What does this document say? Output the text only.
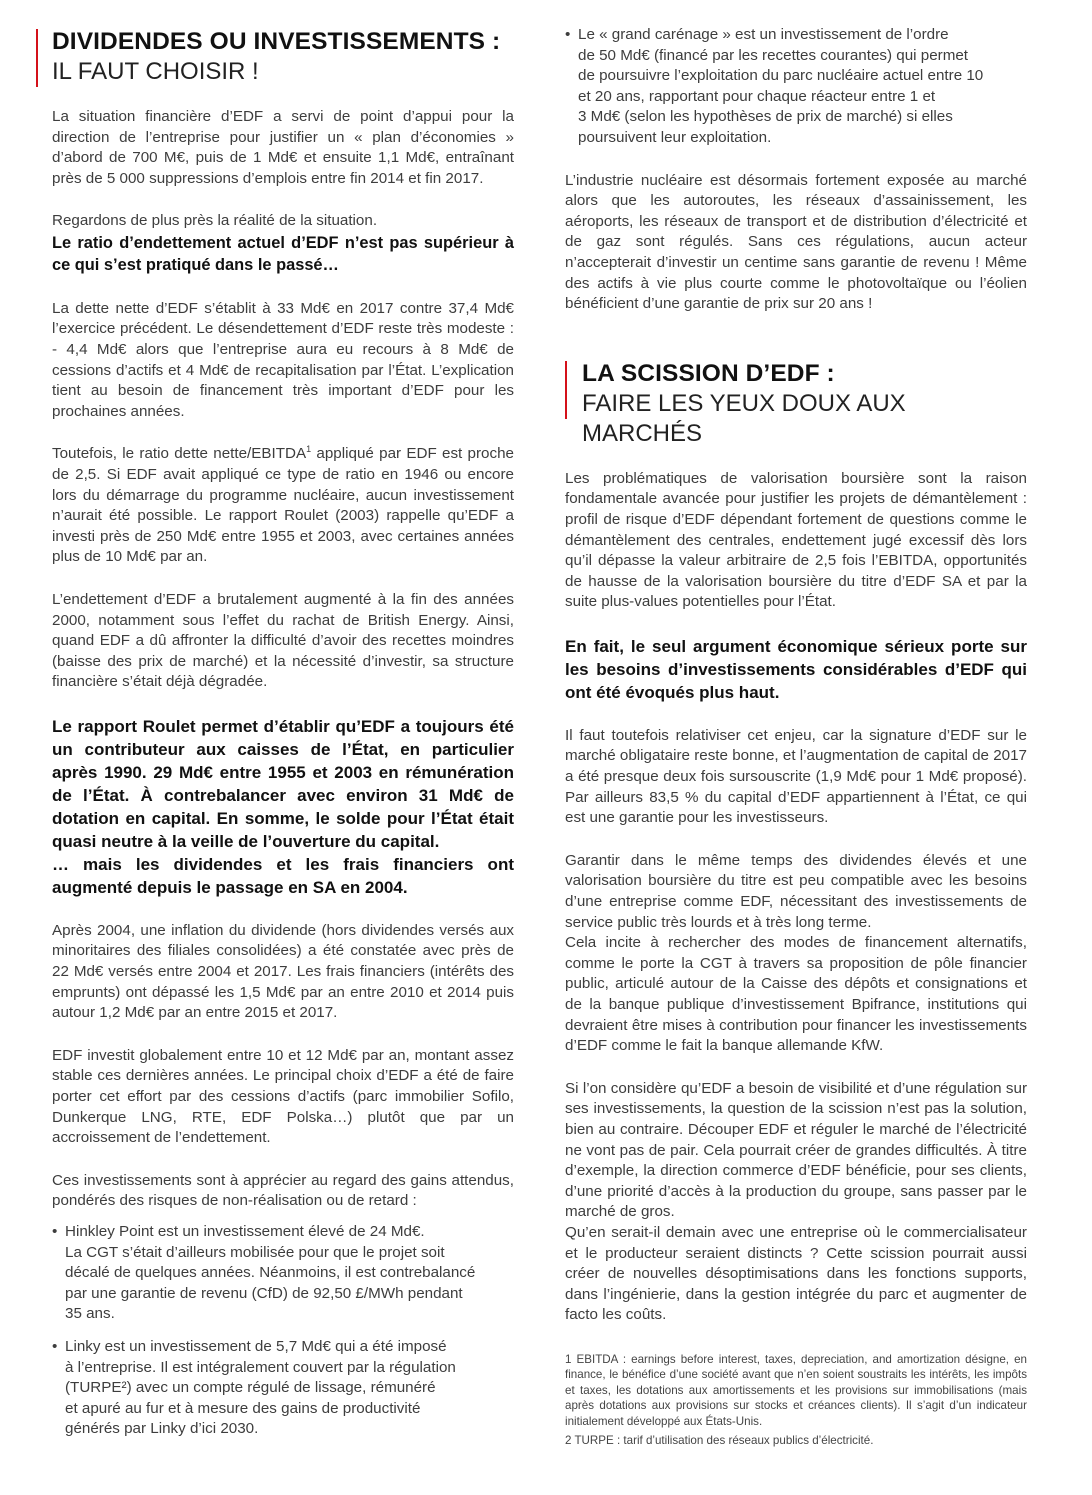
DIVIDENDES OU INVESTISSEMENTS :
IL FAUT CHOISIR !

La situation financière d’EDF a servi de point d’appui pour la direction de l’entreprise pour justifier un « plan d’économies » d’abord de 700 M€, puis de 1 Md€ et ensuite 1,1 Md€, entraînant près de 5 000 suppressions d’emplois entre fin 2014 et fin 2017.

Regardons de plus près la réalité de la situation.

Le ratio d’endettement actuel d’EDF n’est pas supérieur à ce qui s’est pratiqué dans le passé…

La dette nette d’EDF s’établit à 33 Md€ en 2017 contre 37,4 Md€ l’exercice précédent. Le désendettement d’EDF reste très modeste : - 4,4 Md€ alors que l’entreprise aura eu recours à 8 Md€ de cessions d’actifs et 4 Md€ de recapitalisation par l’État. L’explication tient au besoin de financement très important d’EDF pour les prochaines années.

Toutefois, le ratio dette nette/EBITDA$^1$ appliqué par EDF est proche de 2,5. Si EDF avait appliqué ce type de ratio en 1946 ou encore lors du démarrage du programme nucléaire, aucun investissement n’aurait été possible. Le rapport Roulet (2003) rappelle qu’EDF a investi près de 250 Md€ entre 1955 et 2003, avec certaines années plus de 10 Md€ par an.

L’endettement d’EDF a brutalement augmenté à la fin des années 2000, notamment sous l’effet du rachat de British Energy. Ainsi, quand EDF a dû affronter la difficulté d’avoir des recettes moindres (baisse des prix de marché) et la nécessité d’investir, sa structure financière s’était déjà dégradée.

Le rapport Roulet permet d’établir qu’EDF a toujours été un contributeur aux caisses de l’État, en particulier après 1990. 29 Md€ entre 1955 et 2003 en rémunération de l’État. À contrebalancer avec environ 31 Md€ de dotation en capital. En somme, le solde pour l’État était quasi neutre à la veille de l’ouverture du capital.

… mais les dividendes et les frais financiers ont augmenté depuis le passage en SA en 2004.

Après 2004, une inflation du dividende (hors dividendes versés aux minoritaires des filiales consolidées) a été constatée avec près de 22 Md€ versés entre 2004 et 2017. Les frais financiers (intérêts des emprunts) ont dépassé les 1,5 Md€ par an entre 2010 et 2014 puis autour 1,2 Md€ par an entre 2015 et 2017.

EDF investit globalement entre 10 et 12 Md€ par an, montant assez stable ces dernières années. Le principal choix d’EDF a été de faire porter cet effort par des cessions d’actifs (parc immobilier Sofilo, Dunkerque LNG, RTE, EDF Polska…) plutôt que par un accroissement de l’endettement.

Ces investissements sont à apprécier au regard des gains attendus, pondérés des risques de non-réalisation ou de retard :

• Hinkley Point est un investissement élevé de 24 Md€.
La CGT s’était d’ailleurs mobilisée pour que le projet soit
décalé de quelques années. Néanmoins, il est contrebalancé
par une garantie de revenu (CfD) de 92,50 £/MWh pendant
35 ans.
• Linky est un investissement de 5,7 Md€ qui a été imposé
à l’entreprise. Il est intégralement couvert par la régulation
(TURPE²) avec un compte régulé de lissage, rémunéré
et apuré au fur et à mesure des gains de productivité
générés par Linky d’ici 2030.
• Le « grand carénage » est un investissement de l’ordre
de 50 Md€ (financé par les recettes courantes) qui permet
de poursuivre l’exploitation du parc nucléaire actuel entre 10
et 20 ans, rapportant pour chaque réacteur entre 1 et
3 Md€ (selon les hypothèses de prix de marché) si elles
poursuivent leur exploitation.

L’industrie nucléaire est désormais fortement exposée au marché alors que les autoroutes, les réseaux d’assainissement, les aéroports, les réseaux de transport et de distribution d’électricité et de gaz sont régulés. Sans ces régulations, aucun acteur n’accepterait d’investir un centime sans garantie de revenu ! Même des actifs à vie plus courte comme le photovoltaïque ou l’éolien bénéficient d’une garantie de prix sur 20 ans !

LA SCISSION D’EDF :
FAIRE LES YEUX DOUX AUX MARCHÉS

Les problématiques de valorisation boursière sont la raison fondamentale avancée pour justifier les projets de démantèlement : profil de risque d’EDF dépendant fortement de questions comme le démantèlement des centrales, endettement jugé excessif dès lors qu’il dépasse la valeur arbitraire de 2,5 fois l’EBITDA, opportunités de hausse de la valorisation boursière du titre d’EDF SA et par la suite plus-values potentielles pour l’État.

En fait, le seul argument économique sérieux porte sur les besoins d’investissements considérables d’EDF qui ont été évoqués plus haut.

Il faut toutefois relativiser cet enjeu, car la signature d’EDF sur le marché obligataire reste bonne, et l’augmentation de capital de 2017 a été presque deux fois sursouscrite (1,9 Md€ pour 1 Md€ proposé). Par ailleurs 83,5 % du capital d’EDF appartiennent à l’État, ce qui est une garantie pour les investisseurs.

Garantir dans le même temps des dividendes élevés et une valorisation boursière du titre est peu compatible avec les besoins d’une entreprise comme EDF, nécessitant des investissements de service public très lourds et à très long terme.

Cela incite à rechercher des modes de financement alternatifs, comme le porte la CGT à travers sa proposition de pôle financier public, articulé autour de la Caisse des dépôts et consignations et de la banque publique d’investissement Bpifrance, institutions qui devraient être mises à contribution pour financer les investissements d’EDF comme le fait la banque allemande KfW.

Si l’on considère qu’EDF a besoin de visibilité et d’une régulation sur ses investissements, la question de la scission n’est pas la solution, bien au contraire. Découper EDF et réguler le marché de l’électricité ne vont pas de pair. Cela pourrait créer de grandes difficultés. À titre d’exemple, la direction commerce d’EDF bénéficie, pour ses clients, d’une priorité d’accès à la production du groupe, sans passer par le marché de gros.

Qu’en serait-il demain avec une entreprise où le commercialisateur et le producteur seraient distincts ? Cette scission pourrait aussi créer de nouvelles désoptimisations dans les fonctions supports, dans l’ingénierie, dans la gestion intégrée du parc et augmenter de facto les coûts.

1 EBITDA : earnings before interest, taxes, depreciation, and amortization désigne, en finance, le bénéfice d’une société avant que n’en soient soustraits les intérêts, les impôts et taxes, les dotations aux amortissements et les provisions sur immobilisations (mais après dotations aux provisions sur stocks et créances clients). Il s’agit d’un indicateur initialement développé aux États-Unis.

2 TURPE : tarif d’utilisation des réseaux publics d’électricité.
